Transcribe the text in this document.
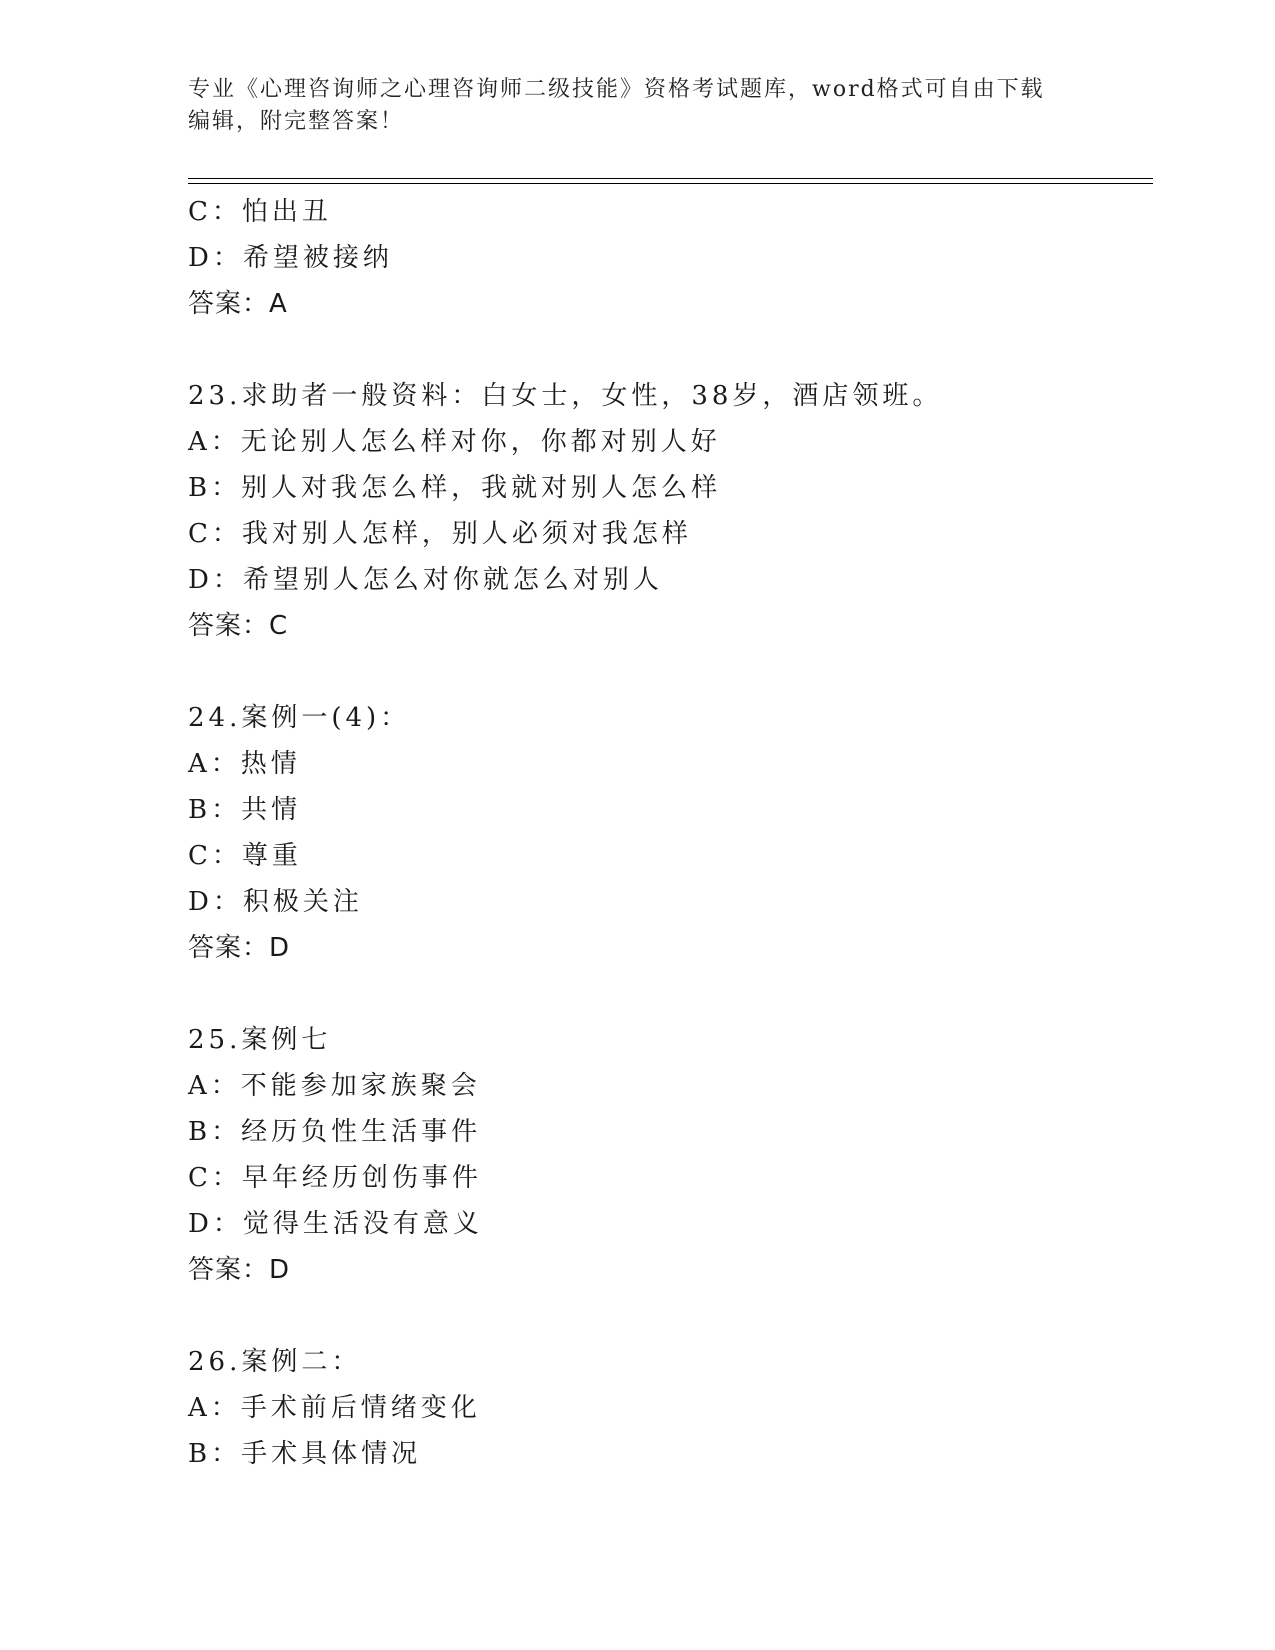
专业《心理咨询师之心理咨询师二级技能》资格考试题库，word格式可自由下载
编辑，附完整答案！
C：怕出丑
D：希望被接纳
答案：A
23.求助者一般资料：白女士，女性，38岁，酒店领班。
A：无论别人怎么样对你，你都对别人好
B：别人对我怎么样，我就对别人怎么样
C：我对别人怎样，别人必须对我怎样
D：希望别人怎么对你就怎么对别人
答案：C
24.案例一(4)：
A：热情
B：共情
C：尊重
D：积极关注
答案：D
25.案例七
A：不能参加家族聚会
B：经历负性生活事件
C：早年经历创伤事件
D：觉得生活没有意义
答案：D
26.案例二：
A：手术前后情绪变化
B：手术具体情况
